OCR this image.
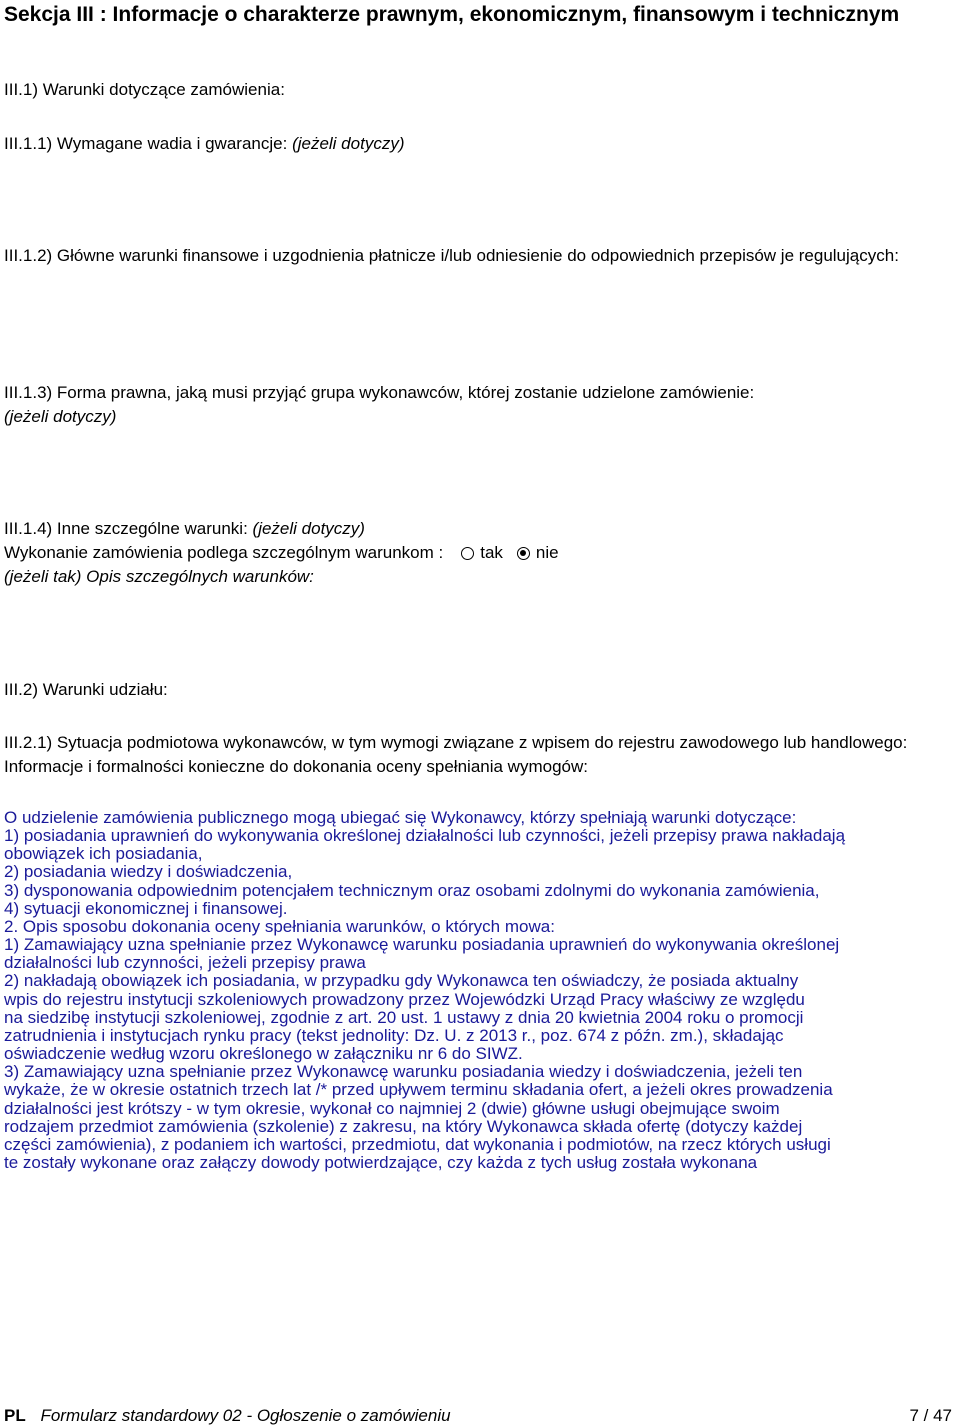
Sekcja III : Informacje o charakterze prawnym, ekonomicznym, finansowym i technicznym
III.1) Warunki dotyczące zamówienia:
III.1.1) Wymagane wadia i gwarancje: (jeżeli dotyczy)
III.1.2) Główne warunki finansowe i uzgodnienia płatnicze i/lub odniesienie do odpowiednich przepisów je regulujących:
III.1.3) Forma prawna, jaką musi przyjąć grupa wykonawców, której zostanie udzielone zamówienie:
(jeżeli dotyczy)
III.1.4) Inne szczególne warunki: (jeżeli dotyczy)
Wykonanie zamówienia podlega szczególnym warunkom : tak nie
(jeżeli tak) Opis szczególnych warunków:
III.2) Warunki udziału:
III.2.1) Sytuacja podmiotowa wykonawców, w tym wymogi związane z wpisem do rejestru zawodowego lub handlowego:
Informacje i formalności konieczne do dokonania oceny spełniania wymogów:
O udzielenie zamówienia publicznego mogą ubiegać się Wykonawcy, którzy spełniają warunki dotyczące:
1) posiadania uprawnień do wykonywania określonej działalności lub czynności, jeżeli przepisy prawa nakładają
obowiązek ich posiadania,
2) posiadania wiedzy i doświadczenia,
3) dysponowania odpowiednim potencjałem technicznym oraz osobami zdolnymi do wykonania zamówienia,
4) sytuacji ekonomicznej i finansowej.
2. Opis sposobu dokonania oceny spełniania warunków, o których mowa:
1) Zamawiający uzna spełnianie przez Wykonawcę warunku posiadania uprawnień do wykonywania określonej
działalności lub czynności, jeżeli przepisy prawa
2) nakładają obowiązek ich posiadania, w przypadku gdy Wykonawca ten oświadczy, że posiada aktualny
wpis do rejestru instytucji szkoleniowych prowadzony przez Wojewódzki Urząd Pracy właściwy ze względu
na siedzibę instytucji szkoleniowej, zgodnie z art. 20 ust. 1 ustawy z dnia 20 kwietnia 2004 roku o promocji
zatrudnienia i instytucjach rynku pracy (tekst jednolity: Dz. U. z 2013 r., poz. 674 z późn. zm.), składając
oświadczenie według wzoru określonego w załączniku nr 6 do SIWZ.
3) Zamawiający uzna spełnianie przez Wykonawcę warunku posiadania wiedzy i doświadczenia, jeżeli ten
wykaże, że w okresie ostatnich trzech lat /* przed upływem terminu składania ofert, a jeżeli okres prowadzenia
działalności jest krótszy - w tym okresie, wykonał co najmniej 2 (dwie) główne usługi obejmujące swoim
rodzajem przedmiot zamówienia (szkolenie) z zakresu, na który Wykonawca składa ofertę (dotyczy każdej
części zamówienia), z podaniem ich wartości, przedmiotu, dat wykonania i podmiotów, na rzecz których usługi
te zostały wykonane oraz załączy dowody potwierdzające, czy każda z tych usług została wykonana
PL Formularz standardowy 02 - Ogłoszenie o zamówieniu	7 / 47
